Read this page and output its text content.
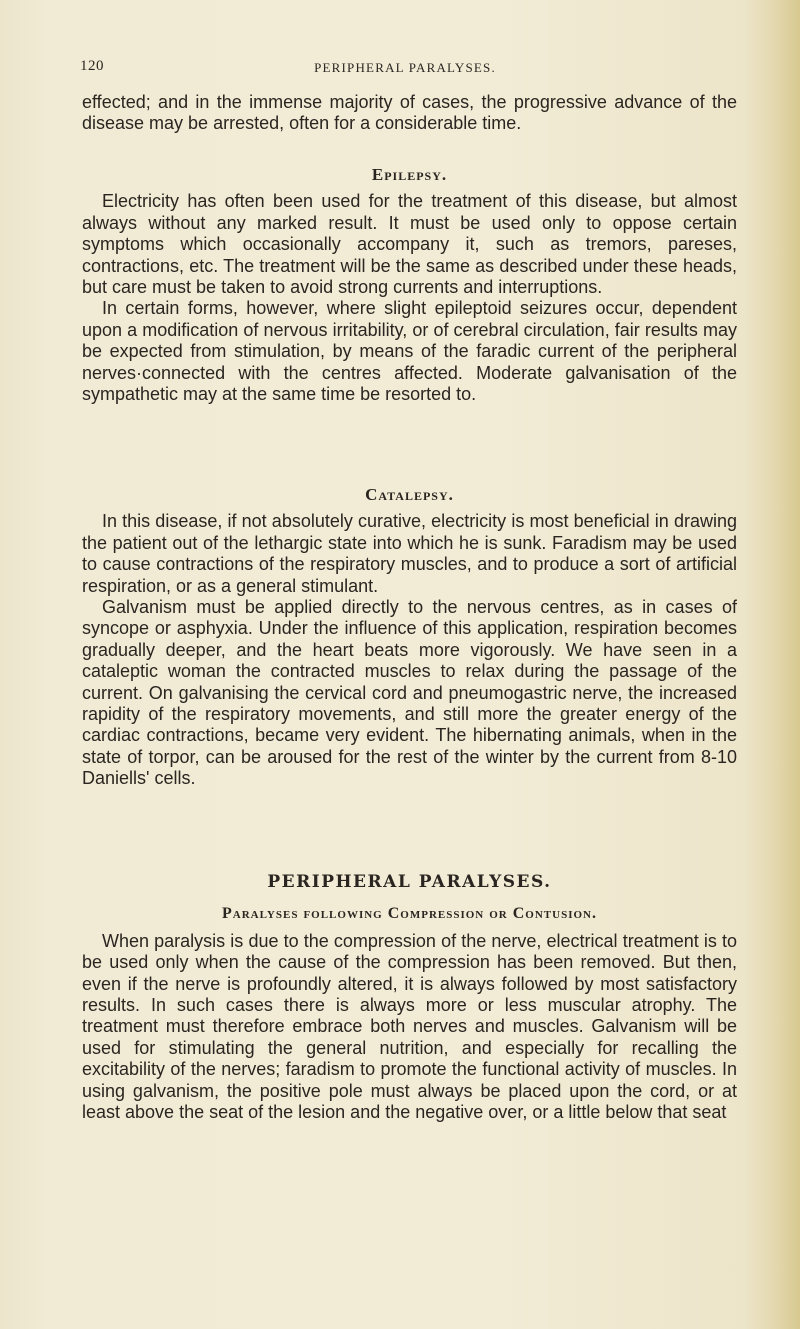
120	PERIPHERAL PARALYSES.

effected; and in the immense majority of cases, the progressive advance of the disease may be arrested, often for a considerable time.

Epilepsy.

Electricity has often been used for the treatment of this disease, but almost always without any marked result. It must be used only to oppose certain symptoms which occasionally accompany it, such as tremors, pareses, contractions, etc. The treatment will be the same as described under these heads, but care must be taken to avoid strong currents and interruptions.

In certain forms, however, where slight epileptoid seizures occur, dependent upon a modification of nervous irritability, or of cerebral circulation, fair results may be expected from stimulation, by means of the faradic current of the peripheral nerves·connected with the centres affected. Moderate galvanisation of the sympathetic may at the same time be resorted to.

Catalepsy.

In this disease, if not absolutely curative, electricity is most beneficial in drawing the patient out of the lethargic state into which he is sunk. Faradism may be used to cause contractions of the respiratory muscles, and to produce a sort of artificial respiration, or as a general stimulant.

Galvanism must be applied directly to the nervous centres, as in cases of syncope or asphyxia. Under the influence of this application, respiration becomes gradually deeper, and the heart beats more vigorously. We have seen in a cataleptic woman the contracted muscles to relax during the passage of the current. On galvanising the cervical cord and pneumogastric nerve, the increased rapidity of the respiratory movements, and still more the greater energy of the cardiac contractions, became very evident. The hibernating animals, when in the state of torpor, can be aroused for the rest of the winter by the current from 8-10 Daniells' cells.

PERIPHERAL PARALYSES.
Paralyses following Compression or Contusion.

When paralysis is due to the compression of the nerve, electrical treatment is to be used only when the cause of the compression has been removed. But then, even if the nerve is profoundly altered, it is always followed by most satisfactory results. In such cases there is always more or less muscular atrophy. The treatment must therefore embrace both nerves and muscles. Galvanism will be used for stimulating the general nutrition, and especially for recalling the excitability of the nerves; faradism to promote the functional activity of muscles. In using galvanism, the positive pole must always be placed upon the cord, or at least above the seat of the lesion and the negative over, or a little below that seat
